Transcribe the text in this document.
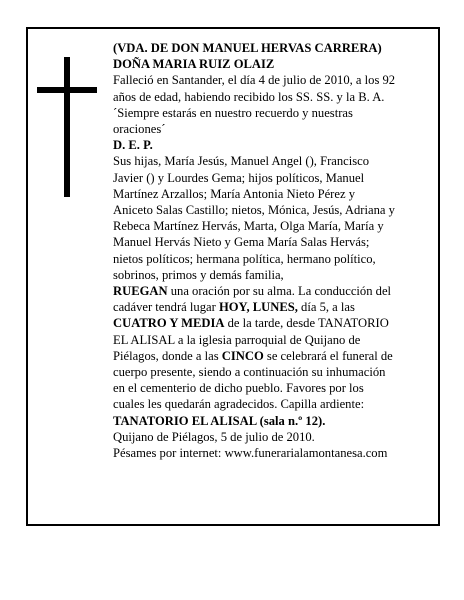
(VDA. DE DON MANUEL HERVAS CARRERA)
DOÑA MARIA RUIZ OLAIZ
Falleció en Santander, el día 4 de julio de 2010, a los 92
años de edad, habiendo recibido los SS. SS. y la B. A.
´Siempre estarás en nuestro recuerdo y nuestras
oraciones´
D. E. P.
Sus hijas, María Jesús, Manuel Angel (), Francisco
Javier () y Lourdes Gema; hijos políticos, Manuel
Martínez Arzallos; María Antonia Nieto Pérez y
Aniceto Salas Castillo; nietos, Mónica, Jesús, Adriana y
Rebeca Martínez Hervás, Marta, Olga María, María y
Manuel Hervás Nieto y Gema María Salas Hervás;
nietos políticos; hermana política, hermano político,
sobrinos, primos y demás familia,
RUEGAN una oración por su alma. La conducción del
cadáver tendrá lugar HOY, LUNES, día 5, a las
CUATRO Y MEDIA de la tarde, desde TANATORIO
EL ALISAL a la iglesia parroquial de Quijano de
Piélagos, donde a las CINCO se celebrará el funeral de
cuerpo presente, siendo a continuación su inhumación
en el cementerio de dicho pueblo. Favores por los
cuales les quedarán agradecidos. Capilla ardiente:
TANATORIO EL ALISAL (sala n.º 12).
Quijano de Piélagos, 5 de julio de 2010.
Pésames por internet: www.funerarialamontanesa.com
